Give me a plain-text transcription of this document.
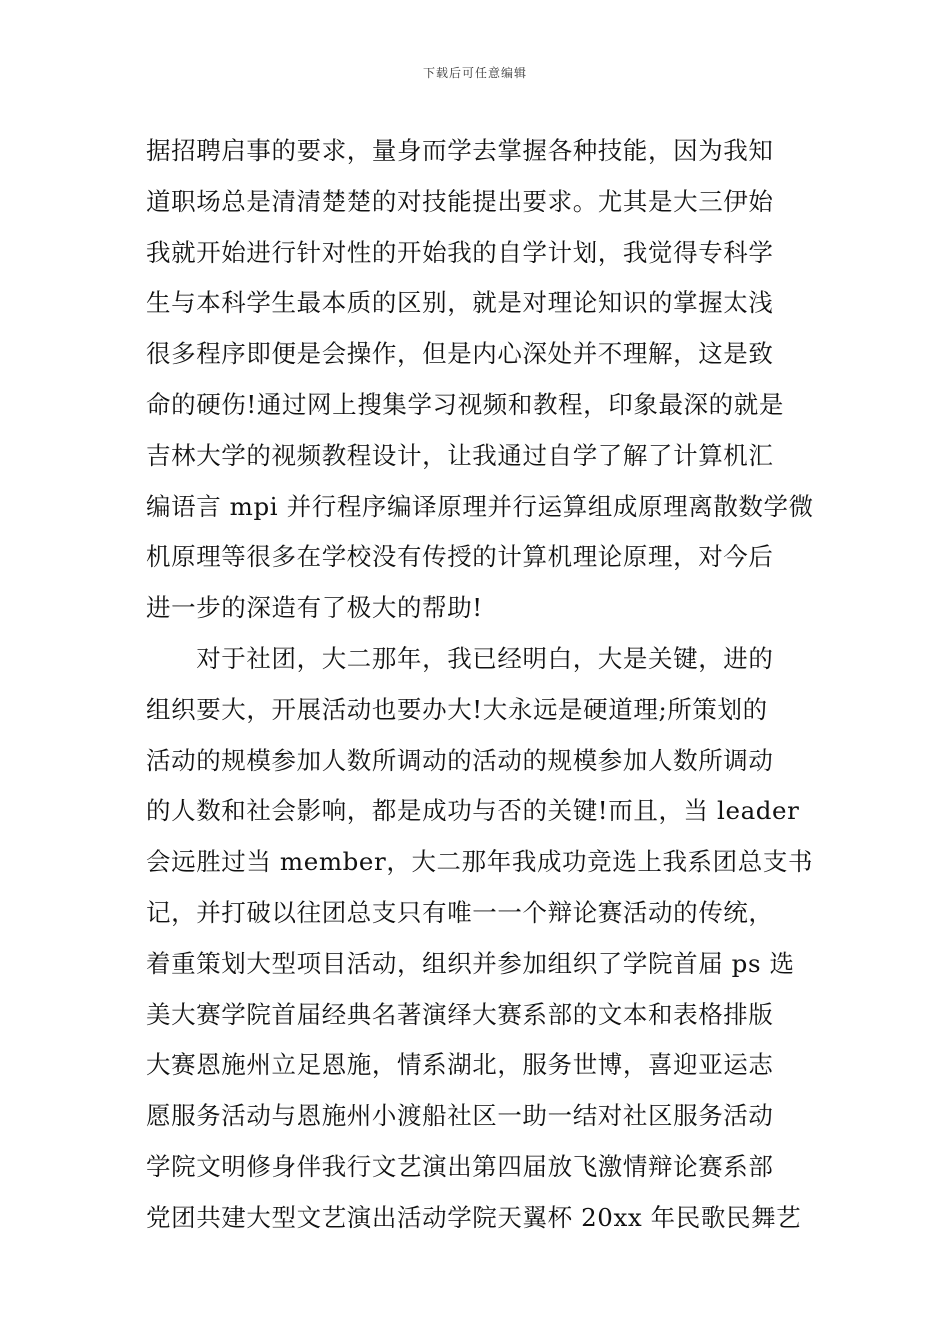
下载后可任意编辑
据招聘启事的要求，量身而学去掌握各种技能，因为我知
道职场总是清清楚楚的对技能提出要求。尤其是大三伊始
我就开始进行针对性的开始我的自学计划，我觉得专科学
生与本科学生最本质的区别，就是对理论知识的掌握太浅
很多程序即便是会操作，但是内心深处并不理解，这是致
命的硬伤!通过网上搜集学习视频和教程，印象最深的就是
吉林大学的视频教程设计，让我通过自学了解了计算机汇
编语言 mpi 并行程序编译原理并行运算组成原理离散数学微
机原理等很多在学校没有传授的计算机理论原理，对今后
进一步的深造有了极大的帮助!
　　对于社团，大二那年，我已经明白，大是关键，进的
组织要大，开展活动也要办大!大永远是硬道理;所策划的
活动的规模参加人数所调动的活动的规模参加人数所调动
的人数和社会影响，都是成功与否的关键!而且，当 leader
会远胜过当 member，大二那年我成功竞选上我系团总支书
记，并打破以往团总支只有唯一一个辩论赛活动的传统，
着重策划大型项目活动，组织并参加组织了学院首届 ps 选
美大赛学院首届经典名著演绎大赛系部的文本和表格排版
大赛恩施州立足恩施，情系湖北，服务世博，喜迎亚运志
愿服务活动与恩施州小渡船社区一助一结对社区服务活动
学院文明修身伴我行文艺演出第四届放飞激情辩论赛系部
党团共建大型文艺演出活动学院天翼杯 20xx 年民歌民舞艺
